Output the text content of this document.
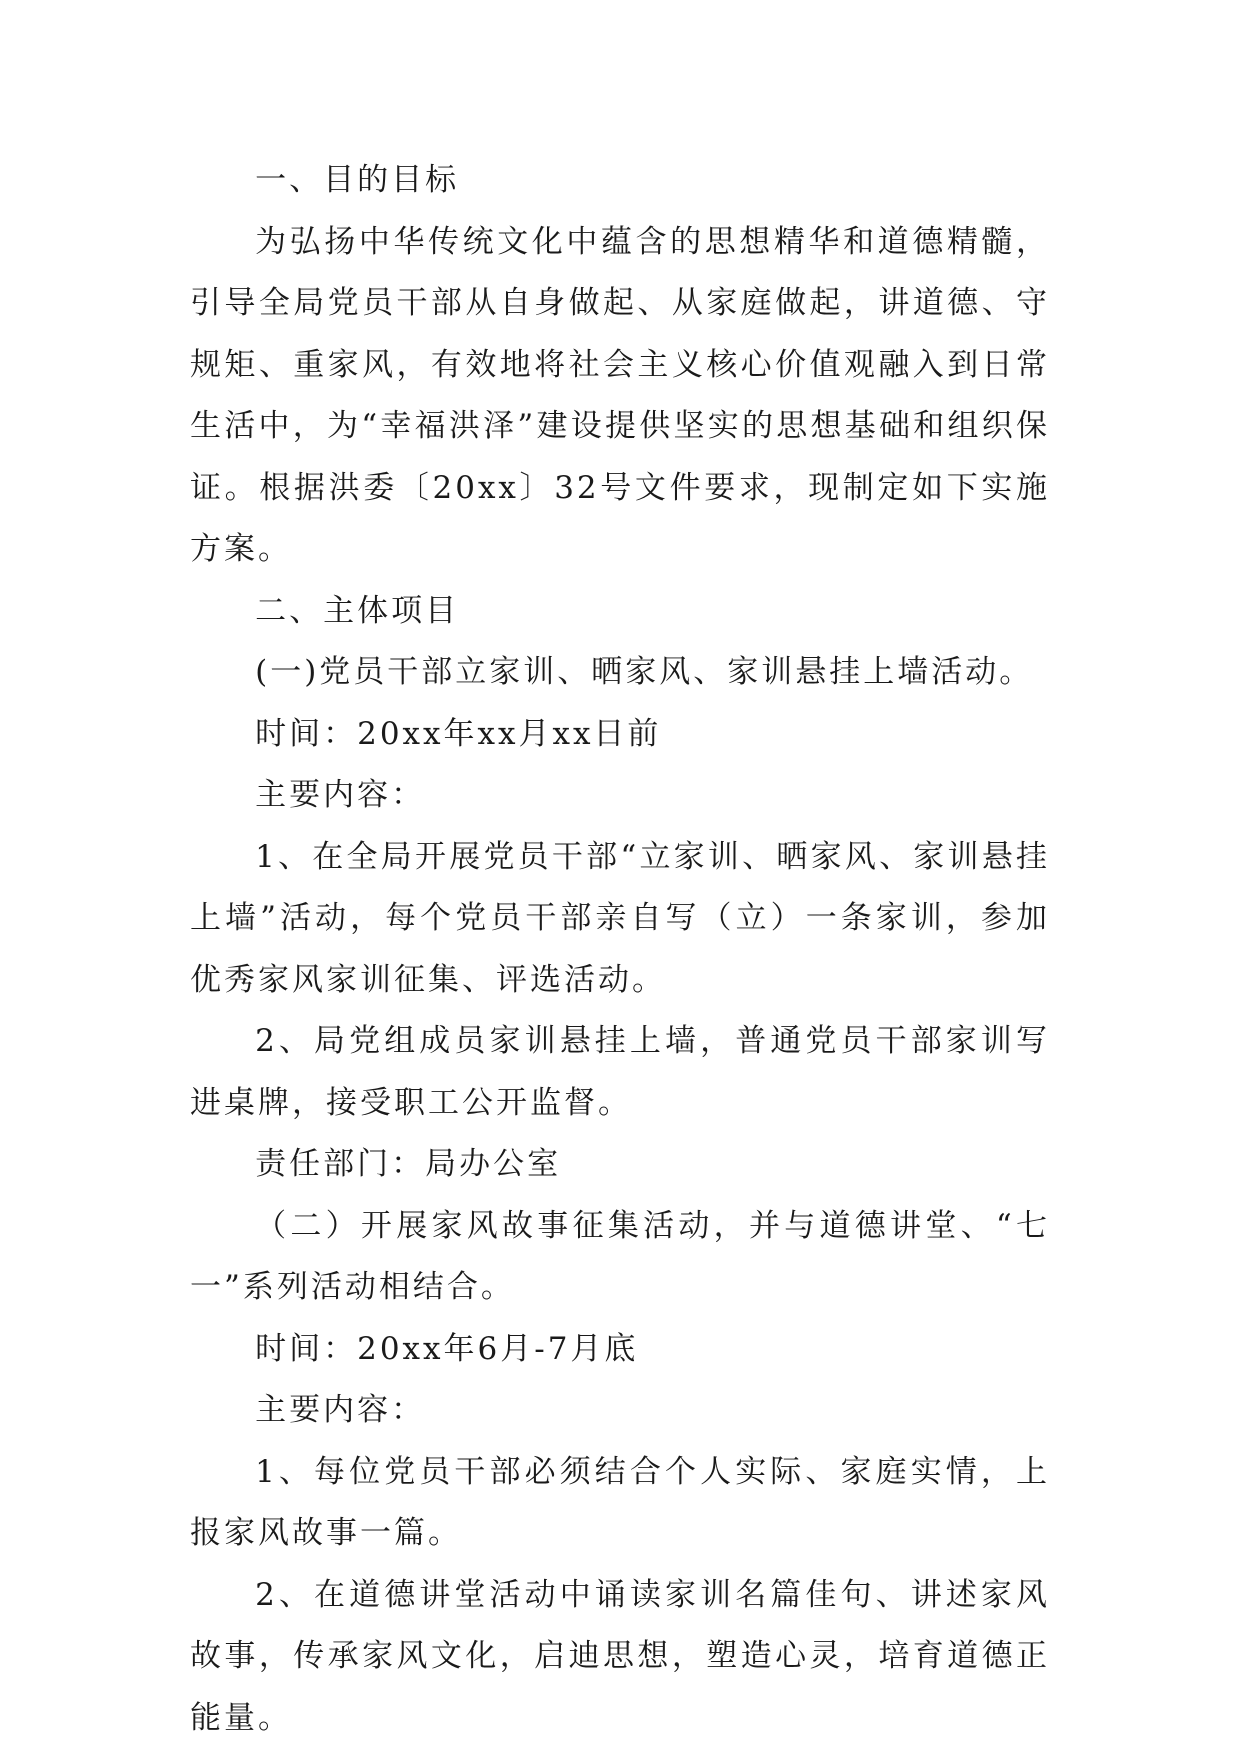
一、目的目标

为弘扬中华传统文化中蕴含的思想精华和道德精髓，引导全局党员干部从自身做起、从家庭做起，讲道德、守规矩、重家风，有效地将社会主义核心价值观融入到日常生活中，为“幸福洪泽”建设提供坚实的思想基础和组织保证。根据洪委〔20xx〕32号文件要求，现制定如下实施方案。

二、主体项目

(一)党员干部立家训、晒家风、家训悬挂上墙活动。

时间：20xx年xx月xx日前

主要内容：

1、在全局开展党员干部“立家训、晒家风、家训悬挂上墙”活动，每个党员干部亲自写（立）一条家训，参加优秀家风家训征集、评选活动。

2、局党组成员家训悬挂上墙，普通党员干部家训写进桌牌，接受职工公开监督。

责任部门：局办公室

（二）开展家风故事征集活动，并与道德讲堂、“七一”系列活动相结合。

时间：20xx年6月-7月底

主要内容：

1、每位党员干部必须结合个人实际、家庭实情，上报家风故事一篇。

2、在道德讲堂活动中诵读家训名篇佳句、讲述家风故事，传承家风文化，启迪思想，塑造心灵，培育道德正能量。
